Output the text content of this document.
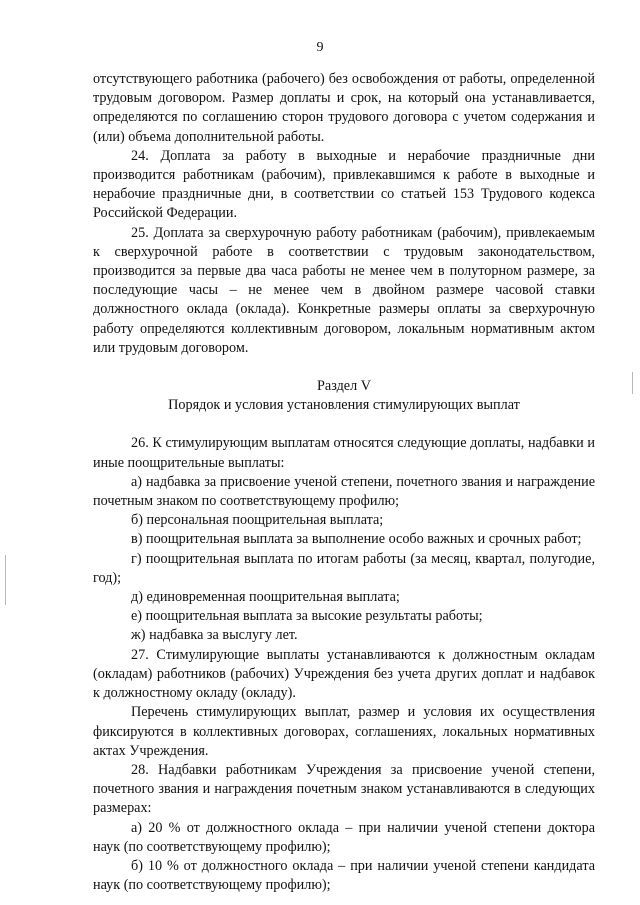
9

отсутствующего работника (рабочего) без освобождения от работы, определенной трудовым договором. Размер доплаты и срок, на который она устанавливается, определяются по соглашению сторон трудового договора с учетом содержания и (или) объема дополнительной работы.

24. Доплата за работу в выходные и нерабочие праздничные дни производится работникам (рабочим), привлекавшимся к работе в выходные и нерабочие праздничные дни, в соответствии со статьей 153 Трудового кодекса Российской Федерации.

25. Доплата за сверхурочную работу работникам (рабочим), привлекаемым к сверхурочной работе в соответствии с трудовым законодательством, производится за первые два часа работы не менее чем в полуторном размере, за последующие часы – не менее чем в двойном размере часовой ставки должностного оклада (оклада). Конкретные размеры оплаты за сверхурочную работу определяются коллективным договором, локальным нормативным актом или трудовым договором.

Раздел V

Порядок и условия установления стимулирующих выплат

26. К стимулирующим выплатам относятся следующие доплаты, надбавки и иные поощрительные выплаты:

а) надбавка за присвоение ученой степени, почетного звания и награждение почетным знаком по соответствующему профилю;

б) персональная поощрительная выплата;

в) поощрительная выплата за выполнение особо важных и срочных работ;

г) поощрительная выплата по итогам работы (за месяц, квартал, полугодие, год);

д) единовременная поощрительная выплата;

е) поощрительная выплата за высокие результаты работы;

ж) надбавка за выслугу лет.

27. Стимулирующие выплаты устанавливаются к должностным окладам (окладам) работников (рабочих) Учреждения без учета других доплат и надбавок к должностному окладу (окладу).

Перечень стимулирующих выплат, размер и условия их осуществления фиксируются в коллективных договорах, соглашениях, локальных нормативных актах Учреждения.

28. Надбавки работникам Учреждения за присвоение ученой степени, почетного звания и награждения почетным знаком устанавливаются в следующих размерах:

а) 20 % от должностного оклада – при наличии ученой степени доктора наук (по соответствующему профилю);

б) 10 % от должностного оклада – при наличии ученой степени кандидата наук (по соответствующему профилю);
